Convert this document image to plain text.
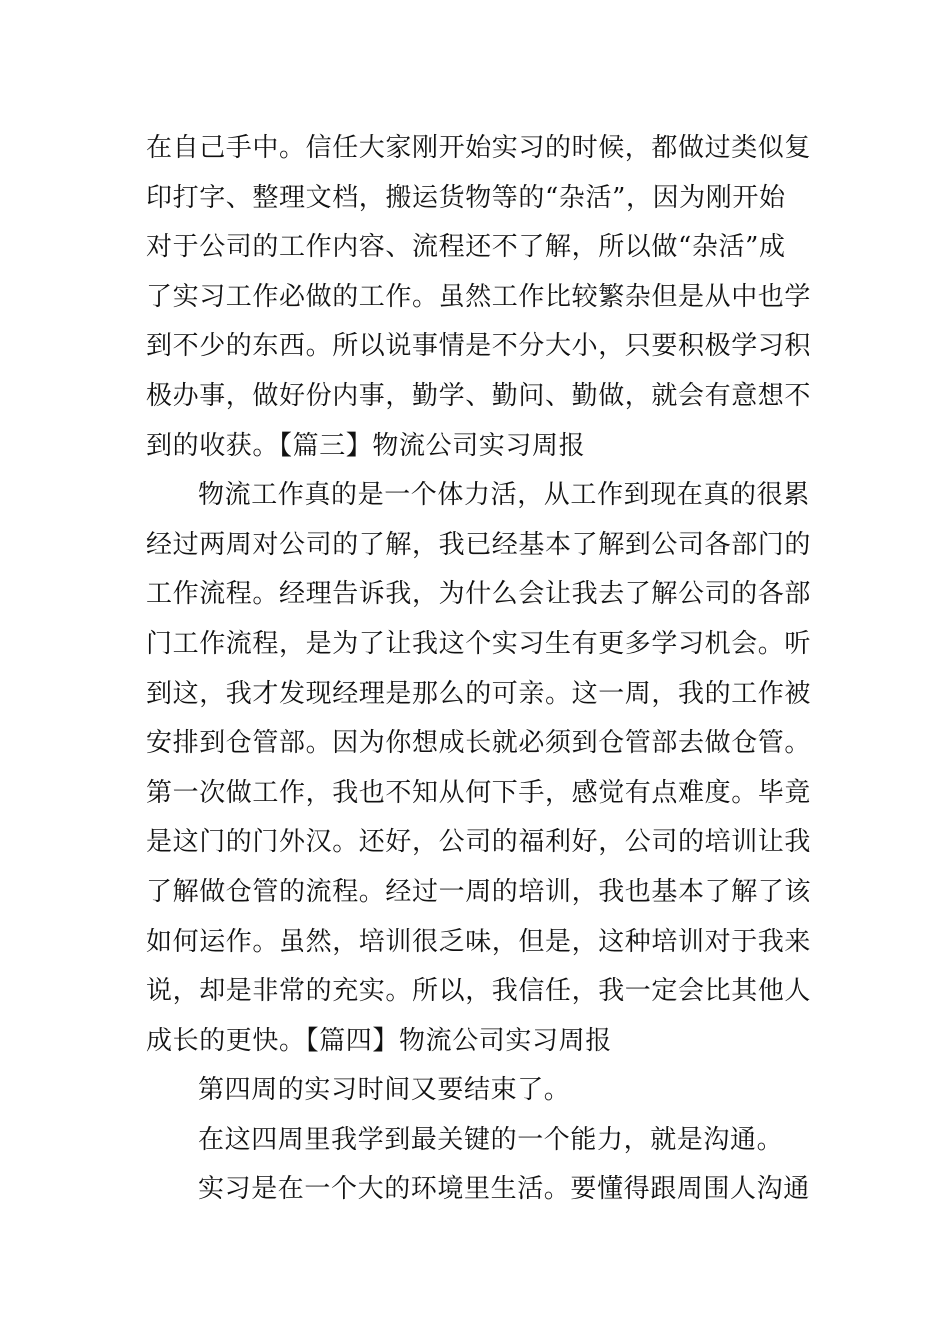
在自己手中。信任大家刚开始实习的时候，都做过类似复
印打字、整理文档，搬运货物等的“杂活”，因为刚开始
对于公司的工作内容、流程还不了解，所以做“杂活”成
了实习工作必做的工作。虽然工作比较繁杂但是从中也学
到不少的东西。所以说事情是不分大小，只要积极学习积
极办事，做好份内事，勤学、勤问、勤做，就会有意想不
到的收获。【篇三】物流公司实习周报
物流工作真的是一个体力活，从工作到现在真的很累
经过两周对公司的了解，我已经基本了解到公司各部门的
工作流程。经理告诉我，为什么会让我去了解公司的各部
门工作流程，是为了让我这个实习生有更多学习机会。听
到这，我才发现经理是那么的可亲。这一周，我的工作被
安排到仓管部。因为你想成长就必须到仓管部去做仓管。
第一次做工作，我也不知从何下手，感觉有点难度。毕竟
是这门的门外汉。还好，公司的福利好，公司的培训让我
了解做仓管的流程。经过一周的培训，我也基本了解了该
如何运作。虽然，培训很乏味，但是，这种培训对于我来
说，却是非常的充实。所以，我信任，我一定会比其他人
成长的更快。【篇四】物流公司实习周报
第四周的实习时间又要结束了。
在这四周里我学到最关键的一个能力，就是沟通。
实习是在一个大的环境里生活。要懂得跟周围人沟通
